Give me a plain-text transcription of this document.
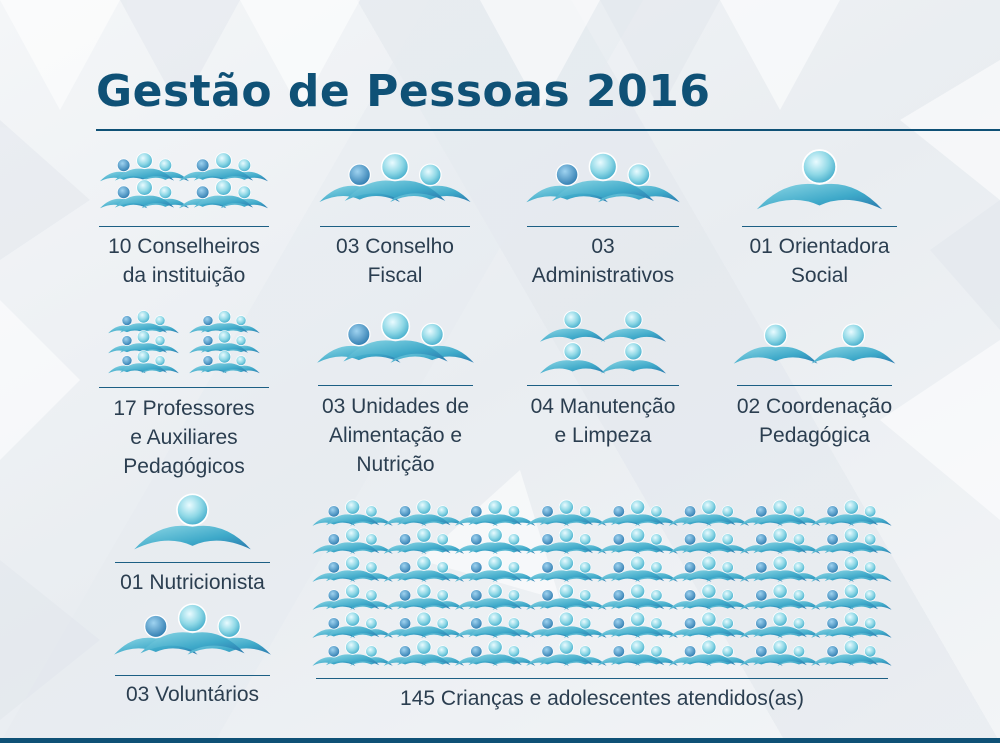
Gestão de Pessoas 2016
10 Conselheiros
da instituição
03 Conselho
Fiscal
03
Administrativos
01 Orientadora
Social
17 Professores
e Auxiliares
Pedagógicos
03 Unidades de
Alimentação e
Nutrição
04 Manutenção
e Limpeza
02 Coordenação
Pedagógica
01 Nutricionista
03 Voluntários	145 Crianças e adolescentes atendidos(as)
